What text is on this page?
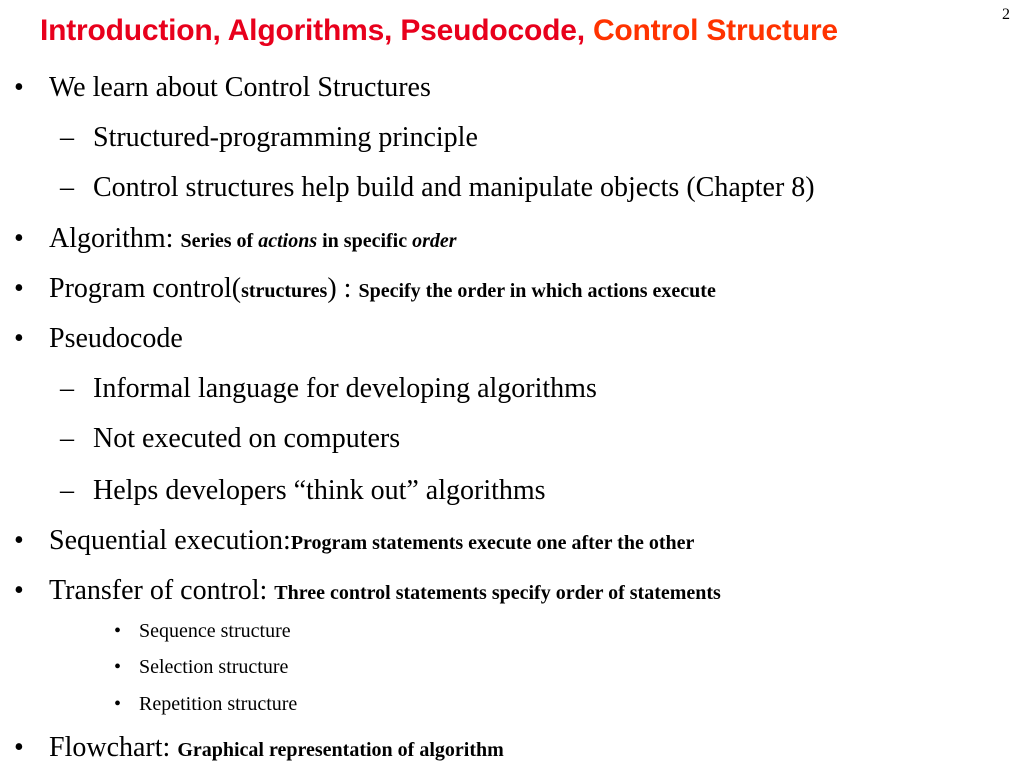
2
Introduction, Algorithms, Pseudocode, Control Structure
• We learn about Control Structures
– Structured-programming principle
– Control structures help build and manipulate objects (Chapter 8)
• Algorithm: Series of actions in specific order
• Program control(structures) : Specify the order in which actions execute
• Pseudocode
– Informal language for developing algorithms
– Not executed on computers
– Helps developers “think out” algorithms
• Sequential execution:Program statements execute one after the other
• Transfer of control: Three control statements specify order of statements
• Sequence structure
• Selection structure
• Repetition structure
• Flowchart: Graphical representation of algorithm
